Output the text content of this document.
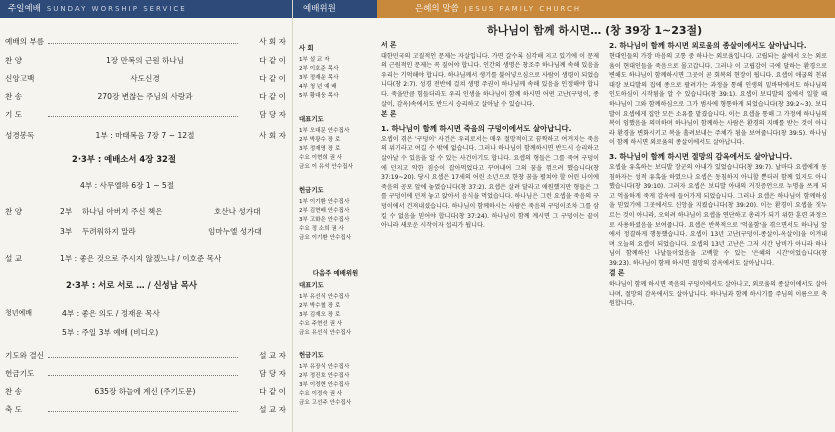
주일예배 SUNDAY WORSHIP SERVICE
예배의 부름	사 회 자
찬 양	1장 만복의 근원 하나님	다 같 이
신앙고백	사도신경	다 같 이
찬 송	270장 변찮는 주님의 사랑과	다 같 이
기 도	담 당 자
성경봉독	1부 : 마태복음 7장 7 ~ 12절	사 회 자
2·3부 : 예배소서 4장 32절
4부 : 사무엘하 6장 1 ~ 5절
찬 양	2부 하나님 아버지 주신 책은	호산나 성가대
3부 두려워하지 말라	임마누엘 성가대
설 교	1부 : 좋은 것으로 주시지 않겠느냐 / 이호준 목사
2·3부 : 서로 서로 … / 신성남 목사
청년예배	4부 : 좋은 의도 / 정재운 목사
5부 : 주일 3부 예배 (비디오)
기도와 결신	설 교 자
헌금기도	담 당 자
찬 송	635장 하늘에 계신 (주기도문)	다 같 이
축 도	설 교 자
예배위원
사 회
1부 설 교 자
2부 이호준 목사
3부 정재운 목사
4부 청 년 예 배
5부 황대웅 목사
대표기도
1부 오대문 안수집사
2부 박광수 장 로
3부 정재영 장 로
수요 이현희 권 사
금요 이 유석 안수집사
헌금기도
1부 이기환 안수집사
2부 김현배 안수집사
3부 고화은 안수집사
수요 정 소희 권 사
금요 이기환 안수집사
대표기도
1부 유선식 안수집사
2부 박수철 장 로
3부 김재오 장 로
수요 주현선 권 사
금요 유선식 안수집사
헌금기도
1부 유장식 안수집사
2부 정진호 안수집사
3부 이정현 안수집사
수요 이정숙 권 사
금요 고선주 안수집사
다음주 예배위원
은혜의 말씀 JESUS FAMILY CHURCH
하나님이 함께 하시면… (창 39장 1~23절)
서 론

대한민국의 고질적인 문제는 자살입니다. 가면 갈수록 심각해 지고 있기에 이 문제의 근원적인 문제는 꼭 짚어야 합니다. 인간의 생명은 창조주 하나님께 속해 있음을 우리는 기억해야 합니다. 하나님께서 생기를 불어넣으심으로 사람이 생령이 되었습니다(창 2:7). 성경 전반에 걸쳐 생명 주권이 하나님께 속해 있음을 인정해야 합니다. 죽을만큼 힘들더라도 우리 인생을 하나님이 함께 하시면 어떤 고난(구덩이, 종살이, 감옥)속에서도 반드시 승리하고 살아날 수 있습니다.

본 론
1. 하나님이 함께 하시면 죽음의 구덩이에서도 살아납니다.

요셉이 겪은 '구덩이' 사건은 우리로서는 매우 절망적이고 끔찍하고 여겨지는 죽음의 위기라고 여길 수 밖에 없습니다. 그러나 하나님이 함께하시면 반드시 승리하고 살아날 수 있음을 알 수 있는 사건이기도 합니다. 요셉의 형들은 그를 죽여 구덩이에 던지고 악한 짐승이 잡아먹었다고 꾸며내어 그의 꿈을 꺾으려 했습니다(창 37:19~20). 당시 요셉은 17세의 어린 소년으로 한창 꿈을 펼쳐야 할 어린 나이에 죽음의 공포 앞에 놓였습니다(창 37:2). 요셉은 살려 달라고 애원했지만 형들은 그를 구덩이에 던져 놓고 앉아서 음식을 먹었습니다. 하나님은 그런 요셉을 죽음의 구덩이에서 건져내셨습니다. 하나님이 함께하시는 사람은 죽음의 구덩이조차 그를 삼킬 수 없음을 믿어야 합니다(창 37:24). 하나님이 함께 계시면 그 구덩이는 끝이 아니라 새로운 시작이자 섭리가 됩니다.

2. 하나님이 함께 하시면 외로움의 종살이에서도 살아납니다.

현대인들의 가장 마음의 고통 중 하나는 외로움입니다. 고립되는 삶에서 오는 외로움이 현대인들을 죽음으로 몰고갑니다. 그러나 이 고립감이 극에 달하는 환경으로 변해도 하나님이 함께하시면 그곳이 곧 회복의 현장이 됩니다. 요셉이 애굽의 친위대장 보디발의 집에 종으로 팔려가는 과정을 통해 인생의 밑바닥에서도 하나님의 인도하심이 시작됨을 알 수 있습니다(창 39:1). 요셉이 보디발의 집에서 일할 때 하나님이 그와 함께하심으로 그가 범사에 형통하게 되었습니다(창 39:2~3). 보디발이 요셉에게 집안 모든 소유를 맡겼습니다. 이는 요셉을 통해 그 가정에 하나님의 복이 임했음을 의미하며 하나님이 함께하는 사람은 환경의 지배를 받는 것이 아니라 환경을 변화시키고 복을 흘려보내는 주체가 됨을 보여줍니다(창 39:5). 하나님이 함께 하시면 외로움의 종살이에서도 살아납니다.

3. 하나님이 함께 하시면 절망의 감옥에서도 살아납니다.

요셉을 유혹하는 보디발 장군의 아내가 있었습니다(창 39:7). 날마다 요셉에게 동침하자는 성적 유혹을 하였으나 요셉은 동침하지 아니할 뿐더러 함께 있지도 아니했습니다(창 39:10). 그러자 요셉은 보디발 아내의 거짓증언으로 누명을 쓰게 되고 억울하게 죽게 감옥에 들어가게 되었습니다. 그러나 요셉은 하나님이 함께하심을 믿었기에 그곳에서도 신앙을 지켰습니다(창 39:20). 이는 환경이 요셉을 짓누르는 것이 아니라, 오히려 하나님이 요셉을 연단하고 총리가 되기 위한 훈련 과정으로 사용하셨음을 보여줍니다. 요셉은 반복적으로 '억울함'을 겪으면서도 하나님 앞에서 정결하게 행동했습니다. 요셉이 13년 고난(구덩이-종살이-옥살이)을 이겨내며 오늘의 요셉이 되었습니다. 요셉의 13년 고난은 그저 시간 낭비가 아니라 하나님이 함께하신 나날들이었음을 고백할 수 있는 '은혜의 시간'이었습니다(창 39:23). 하나님이 함께 하시면 절망의 감옥에서도 살아납니다.

결 론

하나님이 함께 하시면 죽음의 구덩이에서도 살아나고, 외로움의 종살이에서도 살아나며, 절망의 감옥에서도 살아납니다. 하나님과 함께 하시기를 주님의 이름으로 축원합니다.
